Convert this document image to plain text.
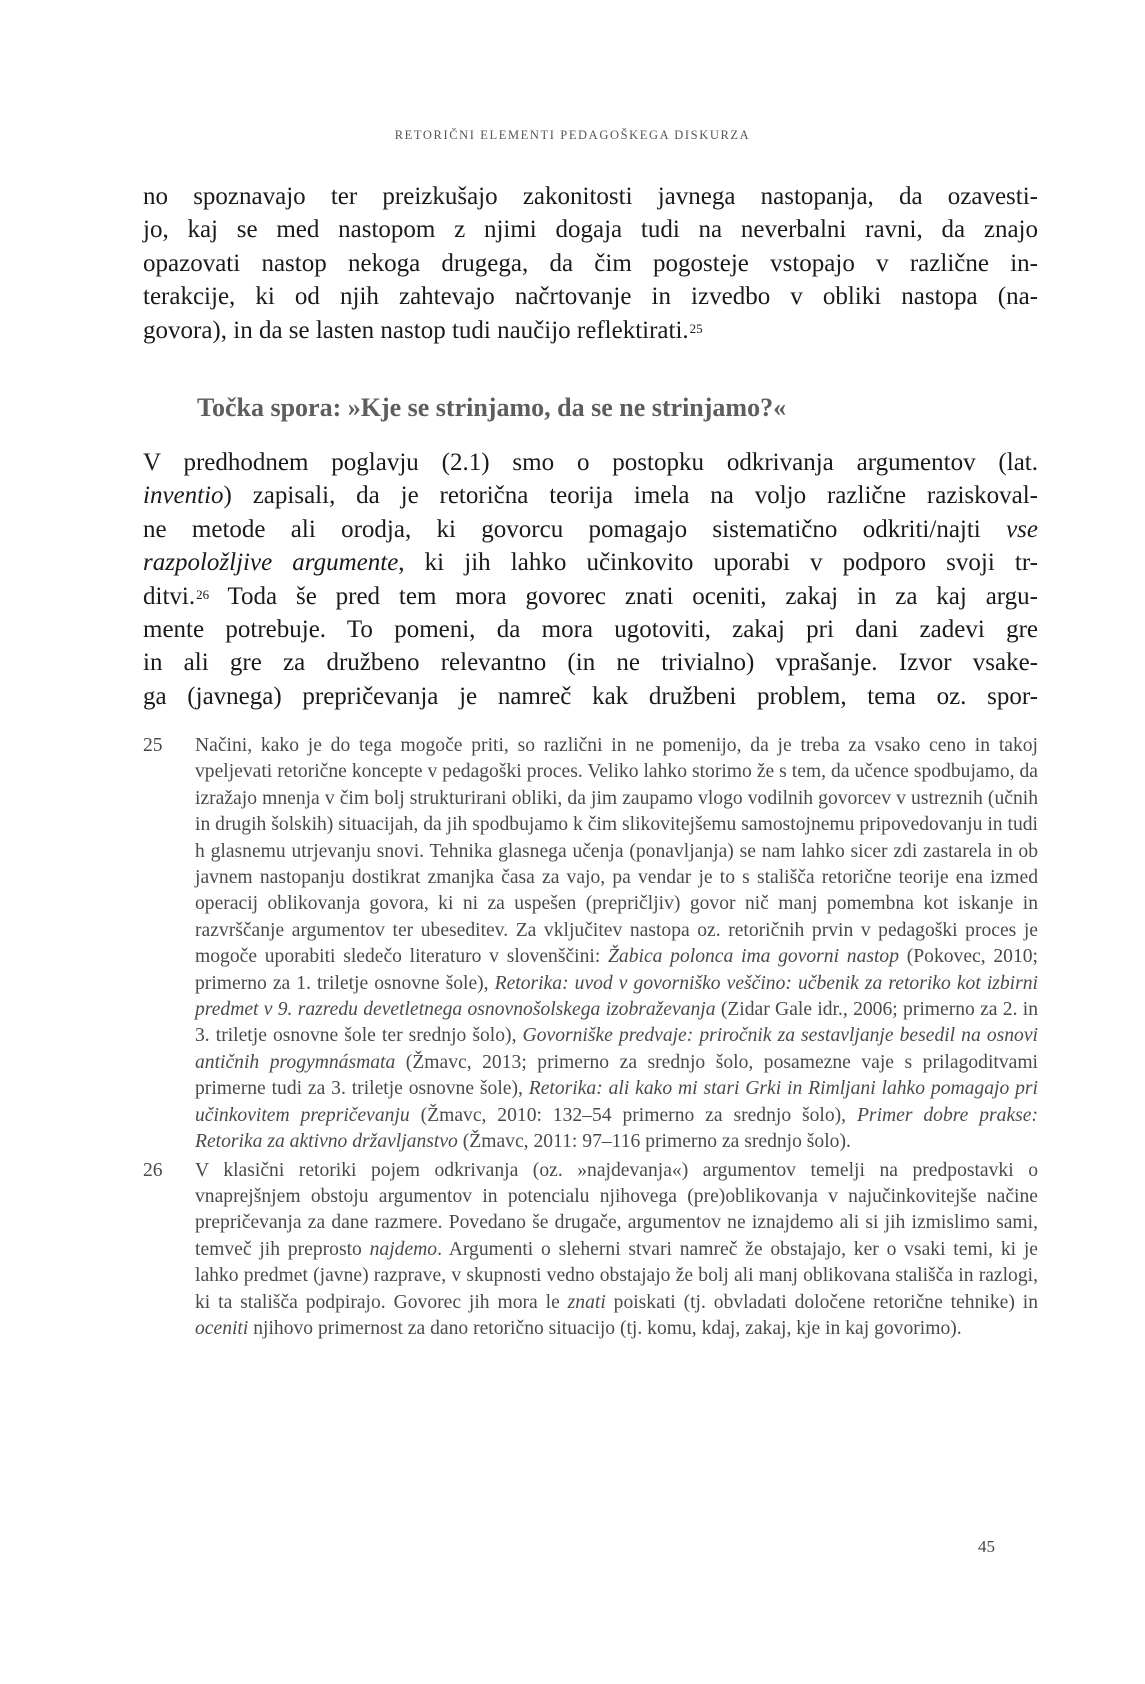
RETORIČNI ELEMENTI PEDAGOŠKEGA DISKURZA
no spoznavajo ter preizkušajo zakonitosti javnega nastopanja, da ozavesti-
jo, kaj se med nastopom z njimi dogaja tudi na neverbalni ravni, da znajo
opazovati nastop nekoga drugega, da čim pogosteje vstopajo v različne in-
terakcije, ki od njih zahtevajo načrtovanje in izvedbo v obliki nastopa (na-
govora), in da se lasten nastop tudi naučijo reflektirati.$^{25}$
Točka spora: »Kje se strinjamo, da se ne strinjamo?«
V predhodnem poglavju (2.1) smo o postopku odkrivanja argumentov (lat.
inventio) zapisali, da je retorična teorija imela na voljo različne raziskoval-
ne metode ali orodja, ki govorcu pomagajo sistematično odkriti/najti vse
razpoložljive argumente, ki jih lahko učinkovito uporabi v podporo svoji tr-
ditvi.$^{26}$ Toda še pred tem mora govorec znati oceniti, zakaj in za kaj argu-
mente potrebuje. To pomeni, da mora ugotoviti, zakaj pri dani zadevi gre
in ali gre za družbeno relevantno (in ne trivialno) vprašanje. Izvor vsake-
ga (javnega) prepričevanja je namreč kak družbeni problem, tema oz. spor-
25 Načini, kako je do tega mogoče priti, so različni in ne pomenijo, da je treba za vsako ceno in takoj vpeljevati retorične koncepte v pedagoški proces. Veliko lahko storimo že s tem, da učence spodbujamo, da izražajo mnenja v čim bolj strukturirani obliki, da jim zaupamo vlogo vodilnih govorcev v ustreznih (učnih in drugih šolskih) situacijah, da jih spodbujamo k čim slikovitejšemu samostojnemu pripovedovanju in tudi h glasnemu utrjevanju snovi. Tehnika glasnega učenja (ponavljanja) se nam lahko sicer zdi zastarela in ob javnem nastopanju dostikrat zmanjka časa za vajo, pa vendar je to s stališča retorične teorije ena izmed operacij oblikovanja govora, ki ni za uspešen (prepričljiv) govor nič manj pomembna kot iskanje in razvrščanje argumentov ter ubeseditev. Za vključitev nastopa oz. retoričnih prvin v pedagoški proces je mogoče uporabiti sledečo literaturo v slovenščini: Žabica polonca ima govorni nastop (Pokovec, 2010; primerno za 1. triletje osnovne šole), Retorika: uvod v govorniško veščino: učbenik za retoriko kot izbirni predmet v 9. razredu devetletnega osnovnošolskega izobraževanja (Zidar Gale idr., 2006; primerno za 2. in 3. triletje osnovne šole ter srednjo šolo), Govorniške predvaje: priročnik za sestavljanje besedil na osnovi antičnih progymnásmata (Žmavc, 2013; primerno za srednjo šolo, posamezne vaje s prilagoditvami primerne tudi za 3. triletje osnovne šole), Retorika: ali kako mi stari Grki in Rimljani lahko pomagajo pri učinkovitem prepričevanju (Žmavc, 2010: 132–54 primerno za srednjo šolo), Primer dobre prakse: Retorika za aktivno državljanstvo (Žmavc, 2011: 97–116 primerno za srednjo šolo).
26 V klasični retoriki pojem odkrivanja (oz. »najdevanja«) argumentov temelji na predpostavki o vnaprejšnjem obstoju argumentov in potencialu njihovega (pre)oblikovanja v najučinkovitejše načine prepričevanja za dane razmere. Povedano še drugače, argumentov ne iznajdemo ali si jih izmislimo sami, temveč jih preprosto najdemo. Argumenti o sleherni stvari namreč že obstajajo, ker o vsaki temi, ki je lahko predmet (javne) razprave, v skupnosti vedno obstajajo že bolj ali manj oblikovana stališča in razlogi, ki ta stališča podpirajo. Govorec jih mora le znati poiskati (tj. obvladati določene retorične tehnike) in oceniti njihovo primernost za dano retorično situacijo (tj. komu, kdaj, zakaj, kje in kaj govorimo).
45
